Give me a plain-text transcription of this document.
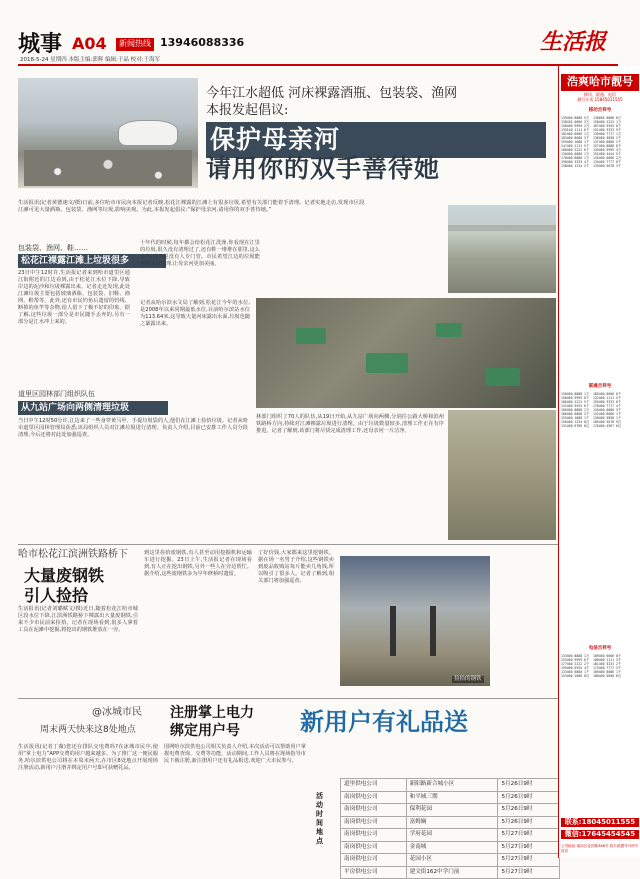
城事 A04	新闻热线 13946088336
2018-5-24 星期四 本版主编:郭辉 编辑:于晶 校对:于海军
生活报
今年江水超低 河床裸露酒瓶、包装袋、渔网
本报发起倡议:
保护母亲河
请用你的双手善待她
生活报讯(记者黄德速文/摄)日前,多位哈市市民向本报记者反映,松花江裸露的江滩上有很多垃圾,希望有关部门能着手清理。记者实地走访,发现市区段江滩可见大量酒瓶、包装袋、渔网等垃圾,影响美观。为此,本报发起倡议:“保护母亲河,请用你的双手善待她。”
包装袋、渔网、鞋……
松花江裸露江滩上垃圾很多
23日中午12时许,生活报记者来到哈市道里区通江街附近的江边看到,由于松花江水位下降,导致岸边的泥沙和垃圾裸露出来。记者走近发现,此处江滩垃圾主要包括玻璃酒瓶、包装袋、旧鞋、渔网、鞋帮等。此外,还有市民钓鱼后遗留的钓线、断掉的鱼竿等杂物,给人留下了极不好的印象。据了解,这些垃圾一部分是市民随手丢弃的,另有一部分是江水冲上来的。
十年代的时候,每年都会给松花江洗澡,你看现在江里的垃圾,很久没有清理过了,还有鞋一堆堆在那里,这么多年,应该是没有人专门管。市民希望江边的垃圾能得到及时清理,让母亲河更加美丽。
记者从哈尔滨水文局了解到,松花江今年的水位,是2008年以来同期最低水位,目前哈尔滨站水位为113.64米,这导致大量河床露出水面,垃圾也随之暴露出来。
道里区园林部门组织队伍
从九站广场向两侧清理垃圾
当日中午12时50分许,江边来了一些身穿黄马甲、手提垃圾袋的人,他们在江滩上捡拾垃圾。记者从哈市道里区园林管理局获悉,该局组织人员对江滩垃圾进行清理。负责人介绍,目前已安排工作人员分段清理,今后还将对此处加强巡查。
林部门组织了70人的队伍,从19日开始,从九站广场向两侧,分别往公路大桥和滨州铁路桥方向,持续对江滩裸露垃圾进行清理。由于垃圾数量较多,清理工作正在有序推进。记者了解到,该部门将尽快完成清理工作,还母亲河一片洁净。
哈市松花江滨洲铁路桥下
大量废钢铁
引人捡拾
生活报讯(记者刘璐赋文/摄)近日,随着松花江哈市城区段水位下降,江滨洲铁路桥下裸露出大量废钢铁,引来不少市民前来捡拾。记者在现场看到,很多人拿着工具在泥滩中挖掘,将挖出的钢铁堆放在一旁。
到这里捡拾废钢铁,有人甚至动用挖掘机和运输车进行挖掘。23日上午,生活报记者在现场看到,有人正在挖出钢铁,另外一些人在旁边帮忙。据介绍,这些废钢铁多为早年修桥时遗留。
了好价钱,大家都来这里挖钢铁。据在场一名男子介绍,这些钢铁卖到废品收购站每斤能卖几角钱,所以吸引了很多人。记者了解到,相关部门将加强巡查。
捡拾的钢铁
@冰城市民
周末两天快来这8处地点
注册掌上电力
绑定用户号	新用户有礼品送
生活报讯(记者丁薇)您还在排队交电费吗?在冰城市民中,使用“掌上电力”APP交费的用户越来越多。为了推广这一便民服务,哈尔滨供电公司将在本周末两天,在市区8处地点开展现场注册活动,新用户注册并绑定用户号即可获赠礼品。
国网哈尔滨供电公司相关负责人介绍,本次活动可以帮助用户掌握电费查询、交费等功能。活动期间,工作人员将在现场指导市民下载注册,新注册用户还有礼品相送,欢迎广大市民参与。
活动时间地点
道里供电公司	新阳路新合城小区	5月26日9时
南岗供电公司	和平城三期	5月26日9时
南岗供电公司	保利花园	5月26日9时
南岗供电公司	富姆娴	5月26日9时
南岗供电公司	学府花园	5月27日9时
南岗供电公司	金南城	5月27日9时
南岗供电公司	花园小区	5月27日9时
平房供电公司	建文街162中学门前	5月27日9时
浩爽哈市靓号
移动、联通、电信
靓号专卖 15845011555
移动吉祥号
139460 8888 5万  136666 8888 8万
138455 6666 3万  150460 2222 1万
158460 9999 2万  187460 5555 8千
135140 1111 6千  151460 3333 9千
182460 6666 1万  139460 7777 1万
183460 8686 3千  138460 5858 2千
159460 1688 1千  137460 6868 2千
147460 1111 5千  157460 8888 8千
188460 2222 6千  139460 9999 3万
136460 0000 1万  152460 4444 5千
178460 8888 1万  135460 6666 2万
198460 3333 4千  134460 7777 6千
138460 1234 2千  139460 5678 3千
联通吉祥号
130460 8888 1万  185460 6666 6千
156460 9999 8千  132460 1111 5千
186460 2222 5千  155460 3333 6千
131460 5555 6千  176460 7777 4千
166460 8888 1万  145460 0000 3千
186460 6868 2千  132460 8686 1千
155460 1688 1千  130460 5858 1千
156460 1234 8百  185460 5678 9百
131460 6789 8百  176460 4567 6百
电信吉祥号
133460 8888 1万  189460 6666 8千
153460 9999 6千  180460 1111 3千
177460 2222 2千  181460 3333 2千
199460 5555 4千  173460 7777 3千
133460 6868 1千  189460 8686 1千
153460 1688 8百  180460 5858 6百
联系:18045011555
微信:17645454545
公司地址:南岗区花园街386号,哈尔滨靓号号码专营店
